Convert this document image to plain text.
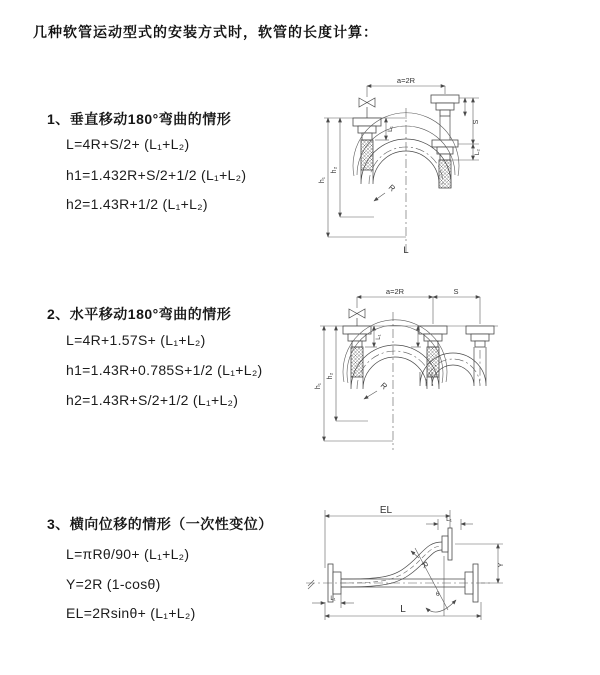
几种软管运动型式的安装方式时，软管的长度计算：
1、垂直移动180°弯曲的情形
L=4R+S/2+ (L₁+L₂)
h1=1.432R+S/2+1/2 (L₁+L₂)
h2=1.43R+1/2 (L₁+L₂)
2、水平移动180°弯曲的情形
L=4R+1.57S+ (L₁+L₂)
h1=1.43R+0.785S+1/2 (L₁+L₂)
h2=1.43R+S/2+1/2 (L₁+L₂)
3、横向位移的情形（一次性变位）
L=πRθ/90+ (L₁+L₂)
Y=2R (1-cosθ)
EL=2Rsinθ+ (L₁+L₂)
a=2R
R
L
h₁
h₂
L₁
S
L₂
a=2R	S
L₁
h₁
h₂
R
EL
L₁
θ
R	Y
L
L₁
